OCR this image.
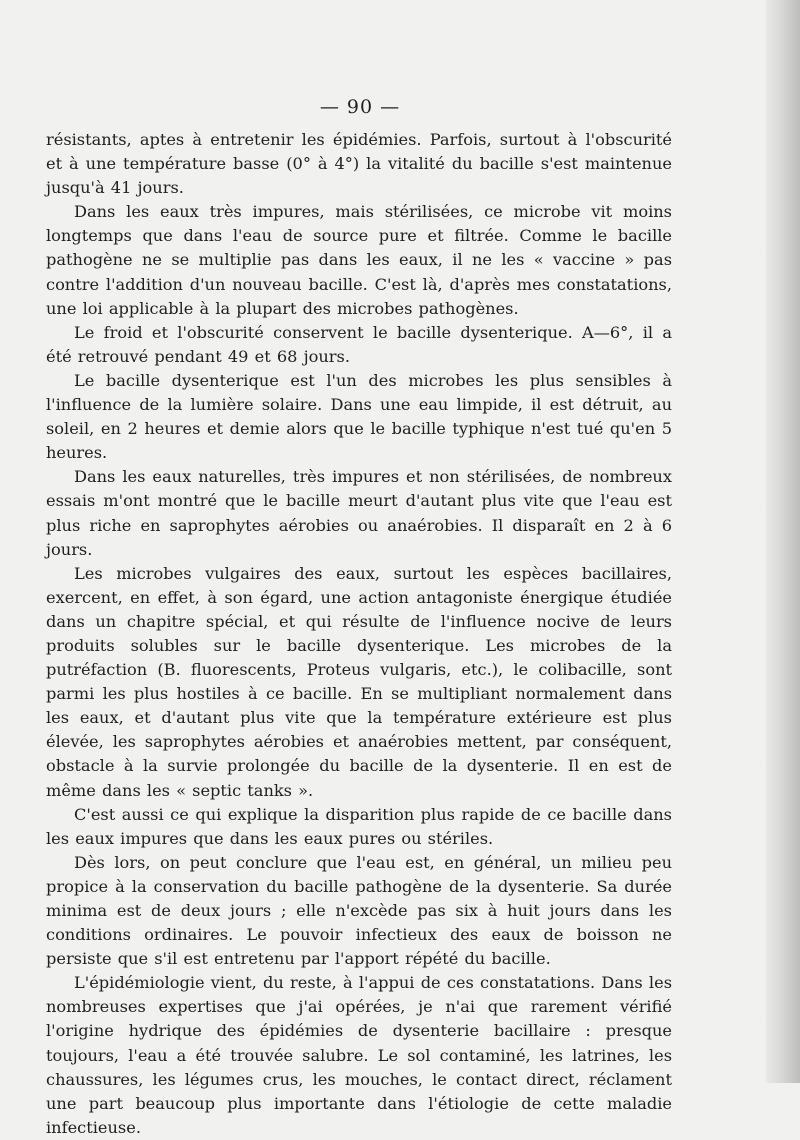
— 90 —

résistants, aptes à entretenir les épidémies. Parfois, surtout à l'obscurité et à une température basse (0° à 4°) la vitalité du bacille s'est maintenue jusqu'à 41 jours.

Dans les eaux très impures, mais stérilisées, ce microbe vit moins longtemps que dans l'eau de source pure et filtrée. Comme le bacille pathogène ne se multiplie pas dans les eaux, il ne les « vaccine » pas contre l'addition d'un nouveau bacille. C'est là, d'après mes constatations, une loi applicable à la plupart des microbes pathogènes.

Le froid et l'obscurité conservent le bacille dysenterique. A—6°, il a été retrouvé pendant 49 et 68 jours.

Le bacille dysenterique est l'un des microbes les plus sensibles à l'influence de la lumière solaire. Dans une eau limpide, il est détruit, au soleil, en 2 heures et demie alors que le bacille typhique n'est tué qu'en 5 heures.

Dans les eaux naturelles, très impures et non stérilisées, de nombreux essais m'ont montré que le bacille meurt d'autant plus vite que l'eau est plus riche en saprophytes aérobies ou anaérobies. Il disparaît en 2 à 6 jours.

Les microbes vulgaires des eaux, surtout les espèces bacillaires, exercent, en effet, à son égard, une action antagoniste énergique étudiée dans un chapitre spécial, et qui résulte de l'influence nocive de leurs produits solubles sur le bacille dysenterique. Les microbes de la putréfaction (B. fluorescents, Proteus vulgaris, etc.), le colibacille, sont parmi les plus hostiles à ce bacille. En se multipliant normalement dans les eaux, et d'autant plus vite que la température extérieure est plus élevée, les saprophytes aérobies et anaérobies mettent, par conséquent, obstacle à la survie prolongée du bacille de la dysenterie. Il en est de même dans les « septic tanks ».

C'est aussi ce qui explique la disparition plus rapide de ce bacille dans les eaux impures que dans les eaux pures ou stériles.

Dès lors, on peut conclure que l'eau est, en général, un milieu peu propice à la conservation du bacille pathogène de la dysenterie. Sa durée minima est de deux jours ; elle n'excède pas six à huit jours dans les conditions ordinaires. Le pouvoir infectieux des eaux de boisson ne persiste que s'il est entretenu par l'apport répété du bacille.

L'épidémiologie vient, du reste, à l'appui de ces constatations. Dans les nombreuses expertises que j'ai opérées, je n'ai que rarement vérifié l'origine hydrique des épidémies de dysenterie bacillaire : presque toujours, l'eau a été trouvée salubre. Le sol contaminé, les latrines, les chaussures, les légumes crus, les mouches, le contact direct, réclament une part beaucoup plus importante dans l'étiologie de cette maladie infectieuse.
